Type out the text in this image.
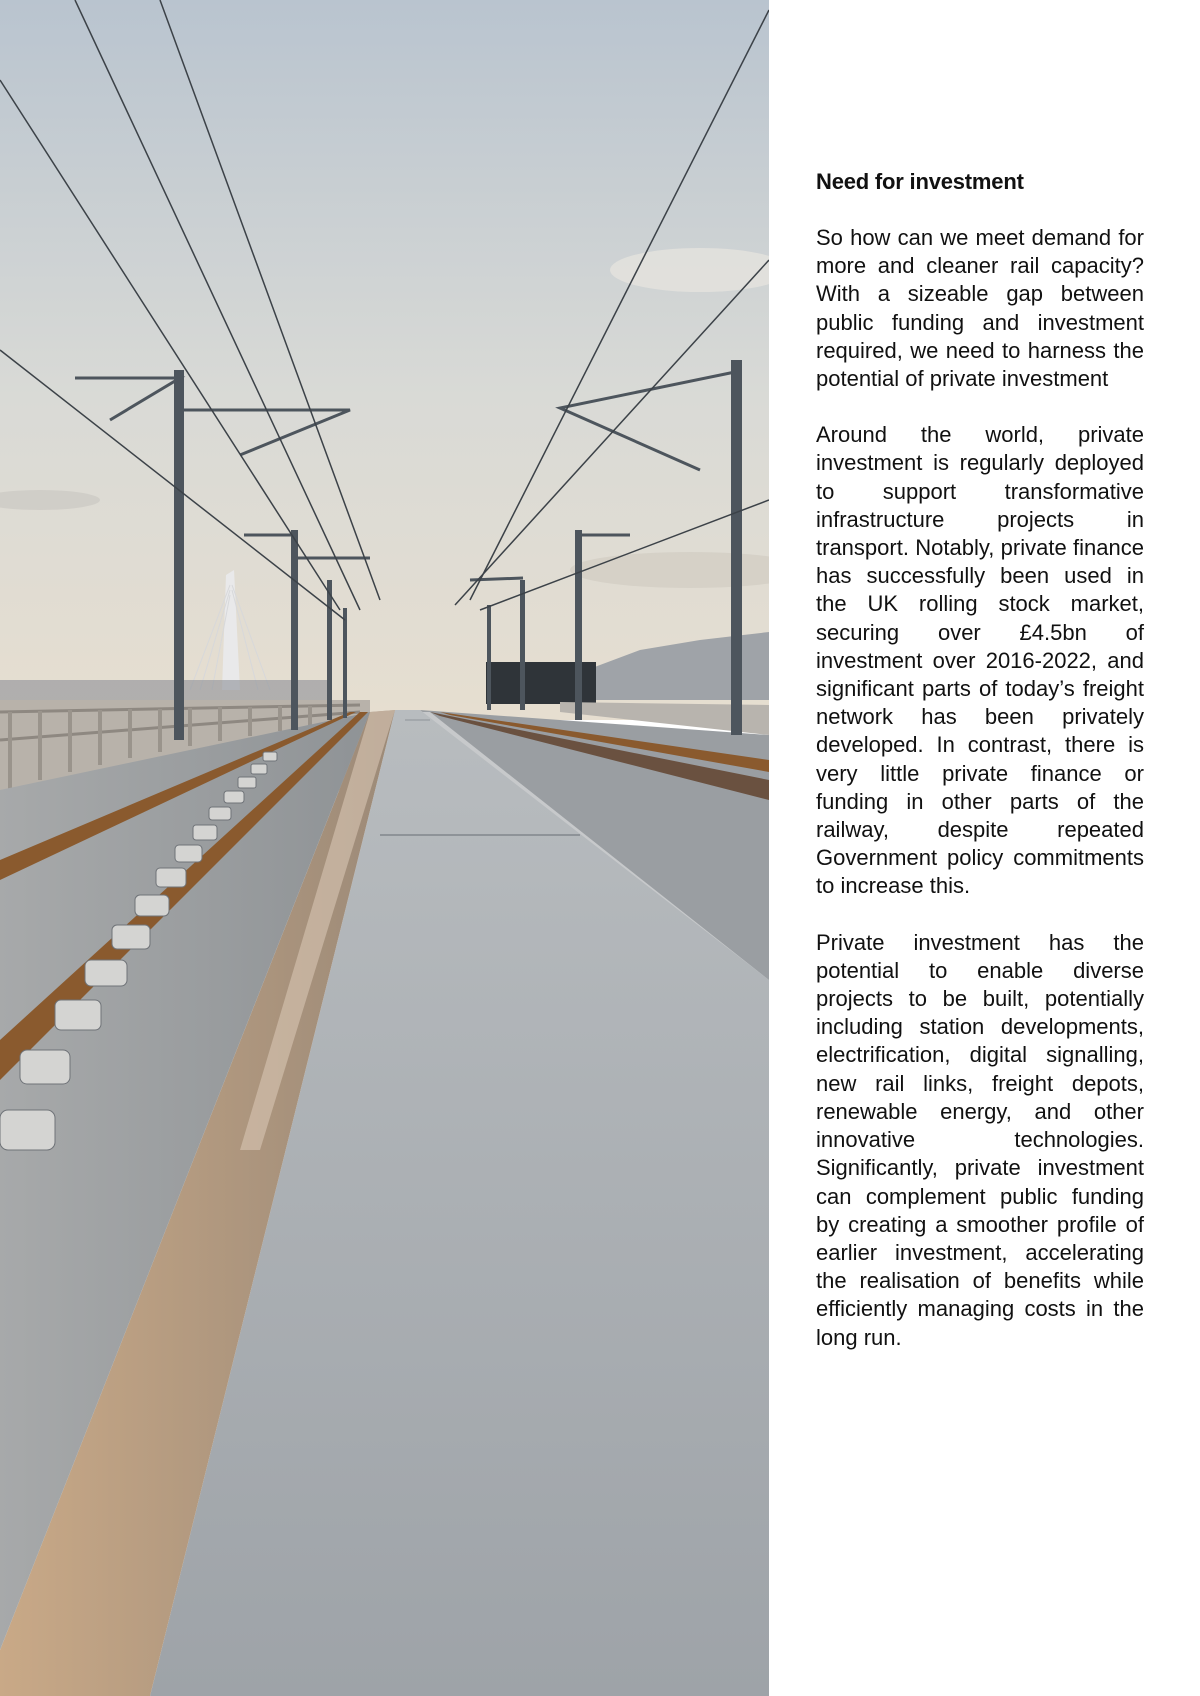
Need for investment

So how can we meet demand for more and cleaner rail capacity? With a sizeable gap between public funding and investment required, we need to harness the potential of private investment

Around the world, private investment is regularly deployed to support transformative infrastructure projects in transport. Notably, private finance has successfully been used in the UK rolling stock market, securing over £4.5bn of investment over 2016-2022, and significant parts of today’s freight network has been privately developed. In contrast, there is very little private finance or funding in other parts of the railway, despite repeated Government policy commitments to increase this.

Private investment has the potential to enable diverse projects to be built, potentially including station developments, electrification, digital signalling, new rail links, freight depots, renewable energy, and other innovative technologies. Significantly, private investment can complement public funding by creating a smoother profile of earlier investment, accelerating the realisation of benefits while efficiently managing costs in the long run.
